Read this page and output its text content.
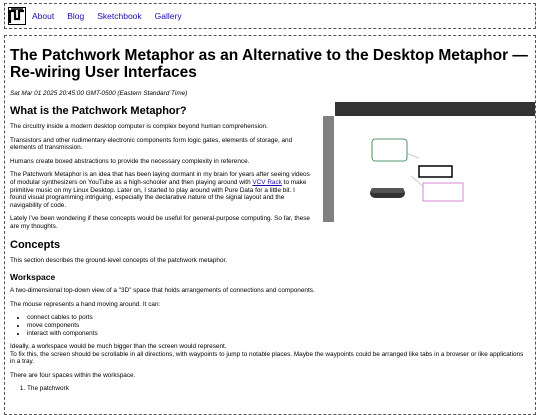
About Blog Sketchbook Gallery
The Patchwork Metaphor as an Alternative to the Desktop Metaphor — Re-wiring User Interfaces
Sat Mar 01 2025 20:45:00 GMT-0500 (Eastern Standard Time)
What is the Patchwork Metaphor?

The circuitry inside a modern desktop computer is complex beyond human comprehension.

Transistors and other rudimentary electronic components form logic gates, elements of storage, and elements of transmission.

Humans create boxed abstractions to provide the necessary complexity in reference.

The Patchwork Metaphor is an idea that has been laying dormant in my brain for years after seeing videos of modular synthesizers on YouTube as a high-schooler and then playing around with VCV Rack to make primitive music on my Linux Desktop. Later on, I started to play around with Pure Data for a little bit. I found visual programming intriguing, especially the declarative nature of the signal layout and the navigability of code.

Lately I've been wondering if these concepts would be useful for general-purpose computing. So far, these are my thoughts.

Concepts

This section describes the ground-level concepts of the patchwork metaphor.

Workspace

A two-dimensional top-down view of a "3D" space that holds arrangements of connections and components.

The mouse represents a hand moving around. It can:

• connect cables to ports
• move components
• interact with components

Ideally, a workspace would be much bigger than the screen would represent.

To fix this, the screen should be scrollable in all directions, with waypoints to jump to notable places. Maybe the waypoints could be arranged like tabs in a browser or like applications in a tray.

There are four spaces within the workspace.

1. The patchwork
